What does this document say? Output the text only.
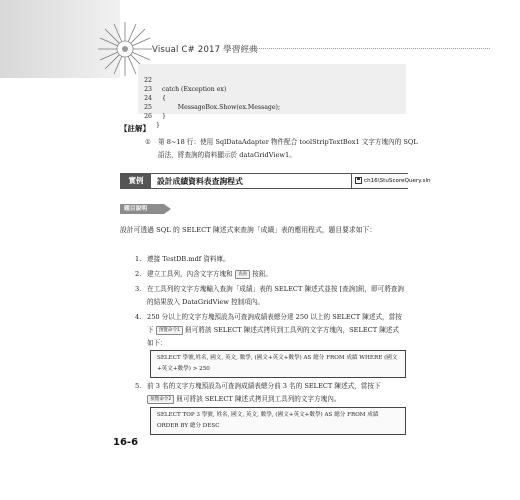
Visual C# 2017 學習經典

22

catch (Exception ex)

23

{

24

MessageBox.Show(ex.Message);

25

}

26

}

【註解】
① 第 8~18 行：使用 SqlDataAdapter 物件配合 toolStripTextBox1 文字方塊內的 SQL 語法，將查詢的資料顯示於 dataGridView1。
實例	設計成績資料表查詢程式	ch16\StuScoreQuery.sln
題目說明
設計可透過 SQL 的 SELECT 陳述式來查詢「成績」表的應用程式，題目要求如下：
1. 連接 TestDB.mdf 資料庫。
2. 建立工具列，內含文字方塊和 查詢 按鈕。
3. 在工具列的文字方塊輸入查詢「成績」表的 SELECT 陳述式並按 [查詢]鈕，即可將查詢的結果放入 DataGridView 控制項內。
4. 250 分以上的文字方塊預設為可查詢成績表總分達 250 以上的 SELECT 陳述式，當按下 預覽命令1 鈕可將該 SELECT 陳述式拷貝到工具列的文字方塊內，SELECT 陳述式如下：
SELECT 學號,姓名, 國文, 英文, 數學, (國文+英文+數學) AS 總分 FROM 成績 WHERE (國文+英文+數學) > 250
5. 前 3 名的文字方塊預設為可查詢成績表總分前 3 名的 SELECT 陳述式，當按下 預覽命令2 鈕可將該 SELECT 陳述式拷貝到工具列的文字方塊內。
SELECT TOP 3 學號, 姓名, 國文, 英文, 數學, (國文+英文+數學) AS 總分 FROM 成績 ORDER BY 總分 DESC
16-6
